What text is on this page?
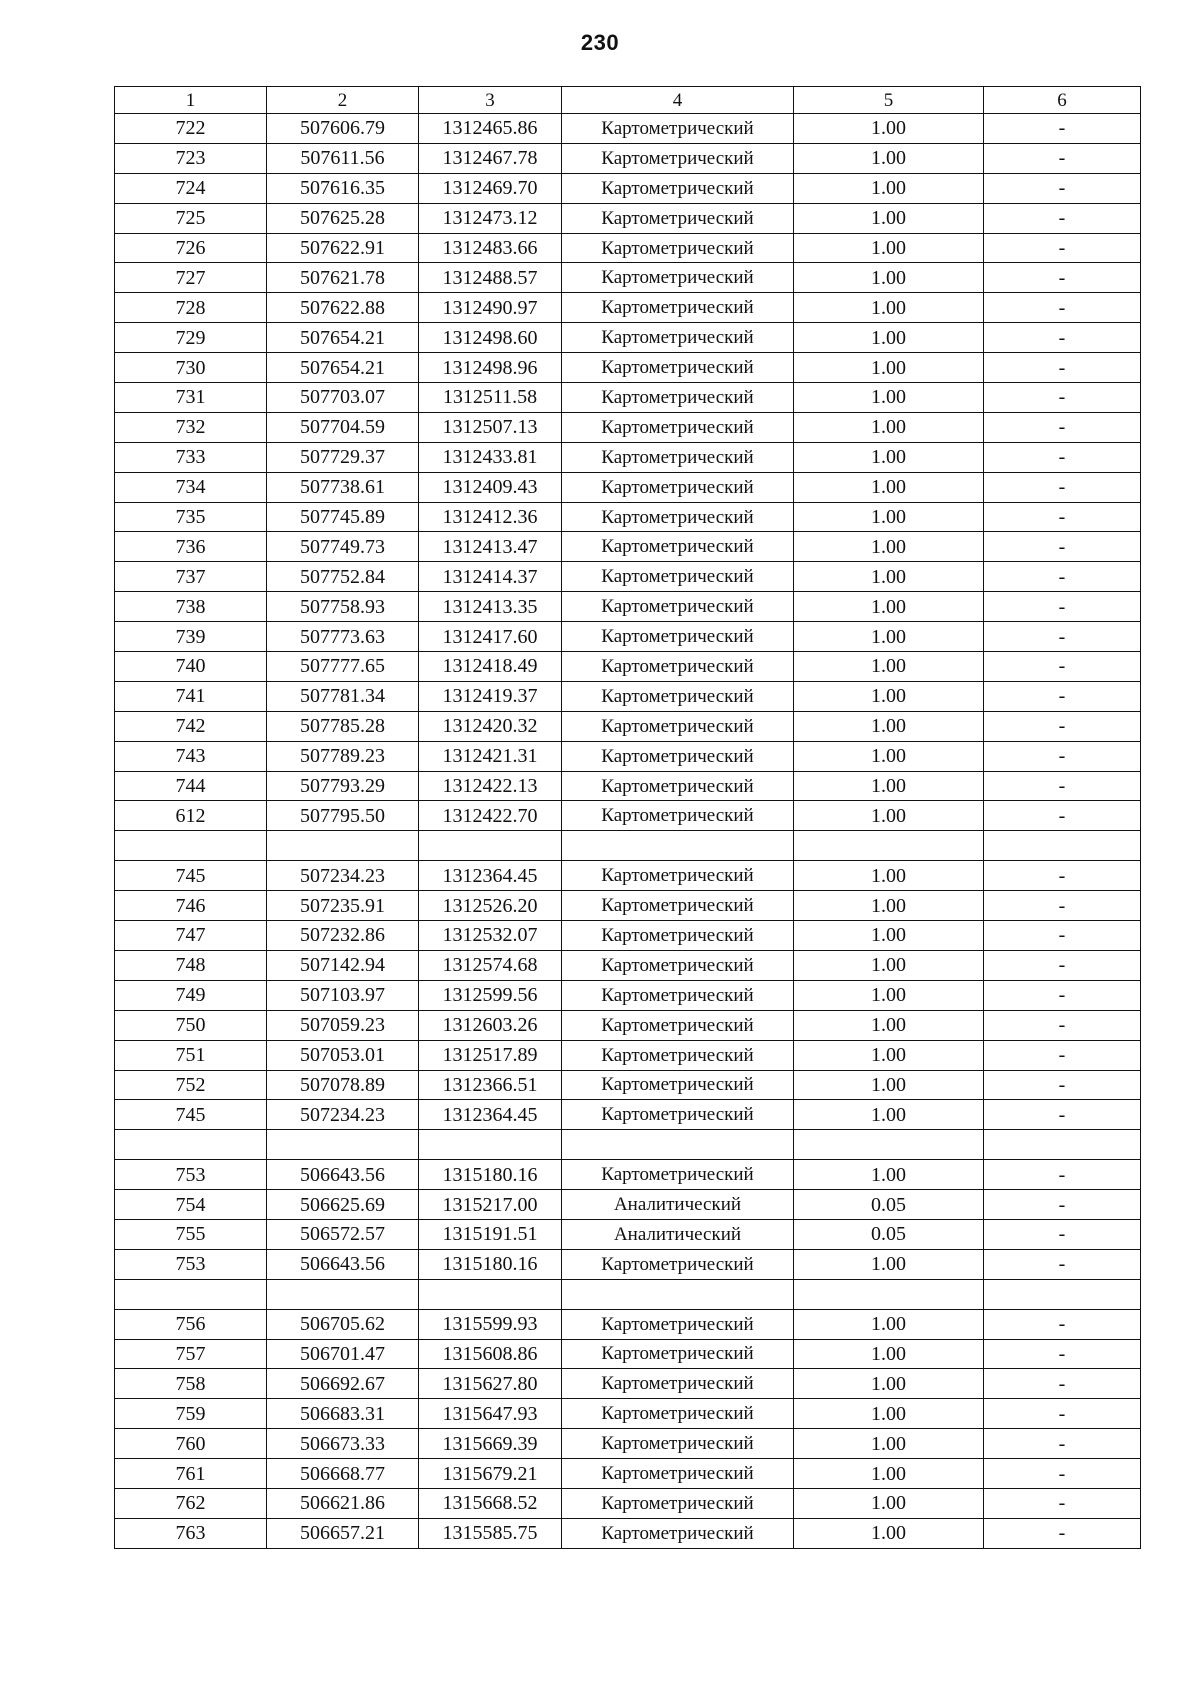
230
1	2	3	4	5	6
722	507606.79	1312465.86	Картометрический	1.00	-
723	507611.56	1312467.78	Картометрический	1.00	-
724	507616.35	1312469.70	Картометрический	1.00	-
725	507625.28	1312473.12	Картометрический	1.00	-
726	507622.91	1312483.66	Картометрический	1.00	-
727	507621.78	1312488.57	Картометрический	1.00	-
728	507622.88	1312490.97	Картометрический	1.00	-
729	507654.21	1312498.60	Картометрический	1.00	-
730	507654.21	1312498.96	Картометрический	1.00	-
731	507703.07	1312511.58	Картометрический	1.00	-
732	507704.59	1312507.13	Картометрический	1.00	-
733	507729.37	1312433.81	Картометрический	1.00	-
734	507738.61	1312409.43	Картометрический	1.00	-
735	507745.89	1312412.36	Картометрический	1.00	-
736	507749.73	1312413.47	Картометрический	1.00	-
737	507752.84	1312414.37	Картометрический	1.00	-
738	507758.93	1312413.35	Картометрический	1.00	-
739	507773.63	1312417.60	Картометрический	1.00	-
740	507777.65	1312418.49	Картометрический	1.00	-
741	507781.34	1312419.37	Картометрический	1.00	-
742	507785.28	1312420.32	Картометрический	1.00	-
743	507789.23	1312421.31	Картометрический	1.00	-
744	507793.29	1312422.13	Картометрический	1.00	-
612	507795.50	1312422.70	Картометрический	1.00	-

745	507234.23	1312364.45	Картометрический	1.00	-
746	507235.91	1312526.20	Картометрический	1.00	-
747	507232.86	1312532.07	Картометрический	1.00	-
748	507142.94	1312574.68	Картометрический	1.00	-
749	507103.97	1312599.56	Картометрический	1.00	-
750	507059.23	1312603.26	Картометрический	1.00	-
751	507053.01	1312517.89	Картометрический	1.00	-
752	507078.89	1312366.51	Картометрический	1.00	-
745	507234.23	1312364.45	Картометрический	1.00	-

753	506643.56	1315180.16	Картометрический	1.00	-
754	506625.69	1315217.00	Аналитический	0.05	-
755	506572.57	1315191.51	Аналитический	0.05	-
753	506643.56	1315180.16	Картометрический	1.00	-

756	506705.62	1315599.93	Картометрический	1.00	-
757	506701.47	1315608.86	Картометрический	1.00	-
758	506692.67	1315627.80	Картометрический	1.00	-
759	506683.31	1315647.93	Картометрический	1.00	-
760	506673.33	1315669.39	Картометрический	1.00	-
761	506668.77	1315679.21	Картометрический	1.00	-
762	506621.86	1315668.52	Картометрический	1.00	-
763	506657.21	1315585.75	Картометрический	1.00	-
